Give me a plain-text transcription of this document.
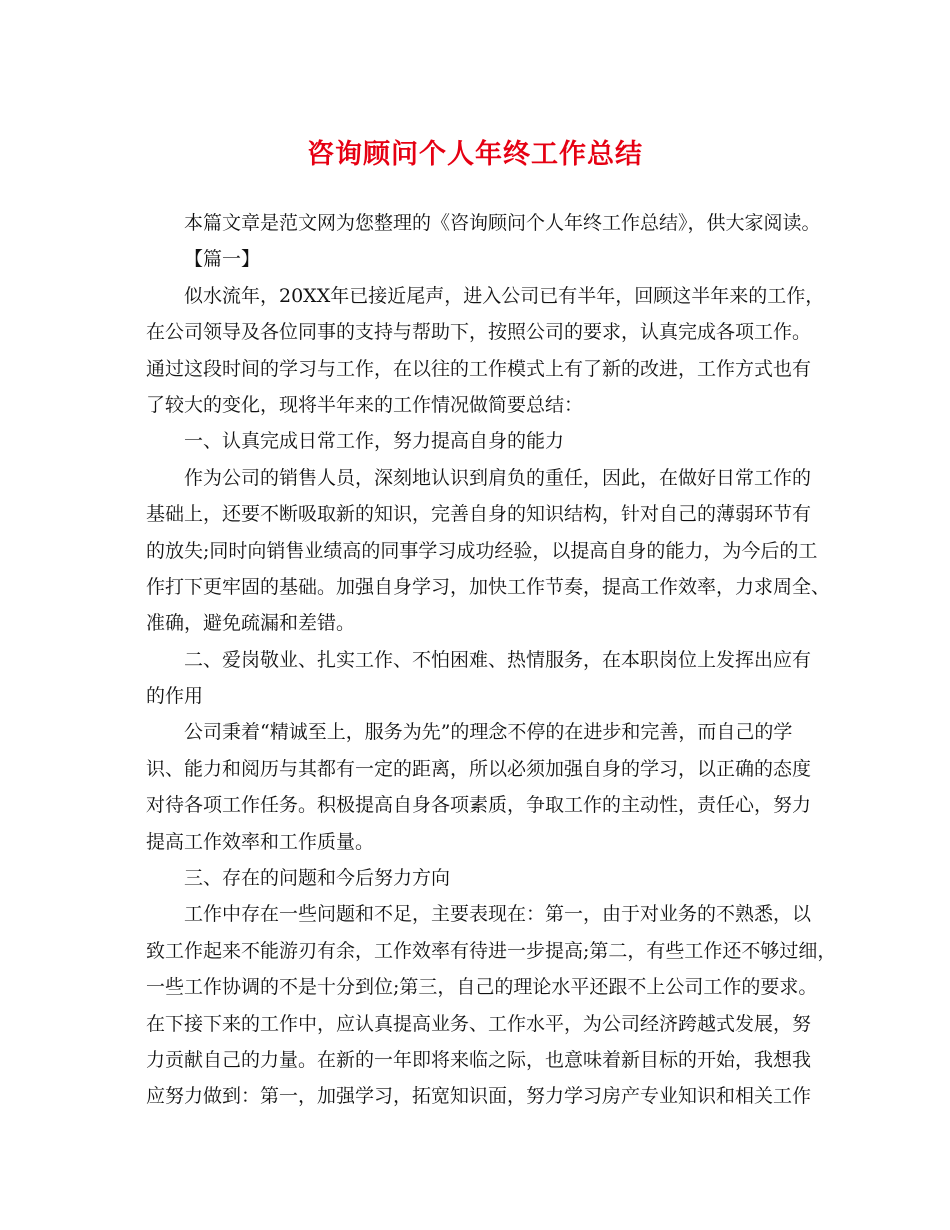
咨询顾问个人年终工作总结
本篇文章是范文网为您整理的《咨询顾问个人年终工作总结》，供大家阅读。
【篇一】
似水流年，20XX年已接近尾声，进入公司已有半年，回顾这半年来的工作，
在公司领导及各位同事的支持与帮助下，按照公司的要求，认真完成各项工作。
通过这段时间的学习与工作，在以往的工作模式上有了新的改进，工作方式也有
了较大的变化，现将半年来的工作情况做简要总结：
一、认真完成日常工作，努力提高自身的能力
作为公司的销售人员，深刻地认识到肩负的重任，因此，在做好日常工作的
基础上，还要不断吸取新的知识，完善自身的知识结构，针对自己的薄弱环节有
的放失;同时向销售业绩高的同事学习成功经验，以提高自身的能力，为今后的工
作打下更牢固的基础。加强自身学习，加快工作节奏，提高工作效率，力求周全、
准确，避免疏漏和差错。
二、爱岗敬业、扎实工作、不怕困难、热情服务，在本职岗位上发挥出应有
的作用
公司秉着“精诚至上，服务为先”的理念不停的在进步和完善，而自己的学
识、能力和阅历与其都有一定的距离，所以必须加强自身的学习，以正确的态度
对待各项工作任务。积极提高自身各项素质，争取工作的主动性，责任心，努力
提高工作效率和工作质量。
三、存在的问题和今后努力方向
工作中存在一些问题和不足，主要表现在：第一，由于对业务的不熟悉，以
致工作起来不能游刃有余，工作效率有待进一步提高;第二，有些工作还不够过细，
一些工作协调的不是十分到位;第三，自己的理论水平还跟不上公司工作的要求。
在下接下来的工作中，应认真提高业务、工作水平，为公司经济跨越式发展，努
力贡献自己的力量。在新的一年即将来临之际，也意味着新目标的开始，我想我
应努力做到：第一，加强学习，拓宽知识面，努力学习房产专业知识和相关工作
